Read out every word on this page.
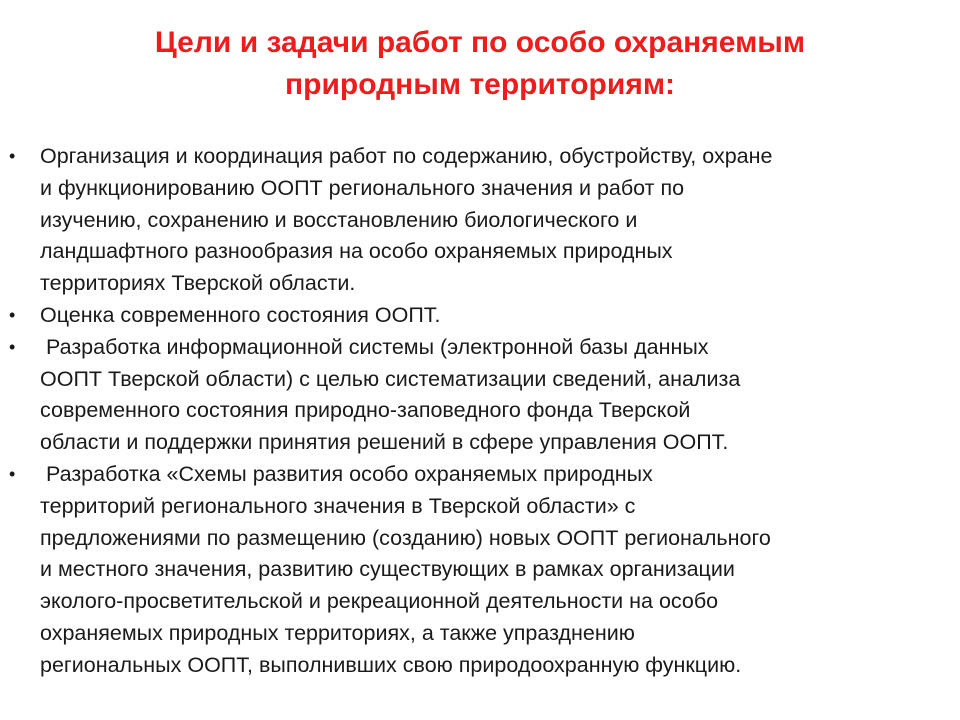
Цели и задачи работ по особо охраняемым
природным территориям:
• Организация и координация работ по содержанию, обустройству, охране
и функционированию ООПТ регионального значения и работ по
изучению, сохранению и восстановлению биологического и
ландшафтного разнообразия на особо охраняемых природных
территориях Тверской области.
• Оценка современного состояния ООПТ.
• Разработка информационной системы (электронной базы данных
ООПТ Тверской области) с целью систематизации сведений, анализа
современного состояния природно-заповедного фонда Тверской
области и поддержки принятия решений в сфере управления ООПТ.
• Разработка «Схемы развития особо охраняемых природных
территорий регионального значения в Тверской области» с
предложениями по размещению (созданию) новых ООПТ регионального
и местного значения, развитию существующих в рамках организации
эколого-просветительской и рекреационной деятельности на особо
охраняемых природных территориях, а также упразднению
региональных ООПТ, выполнивших свою природоохранную функцию.
